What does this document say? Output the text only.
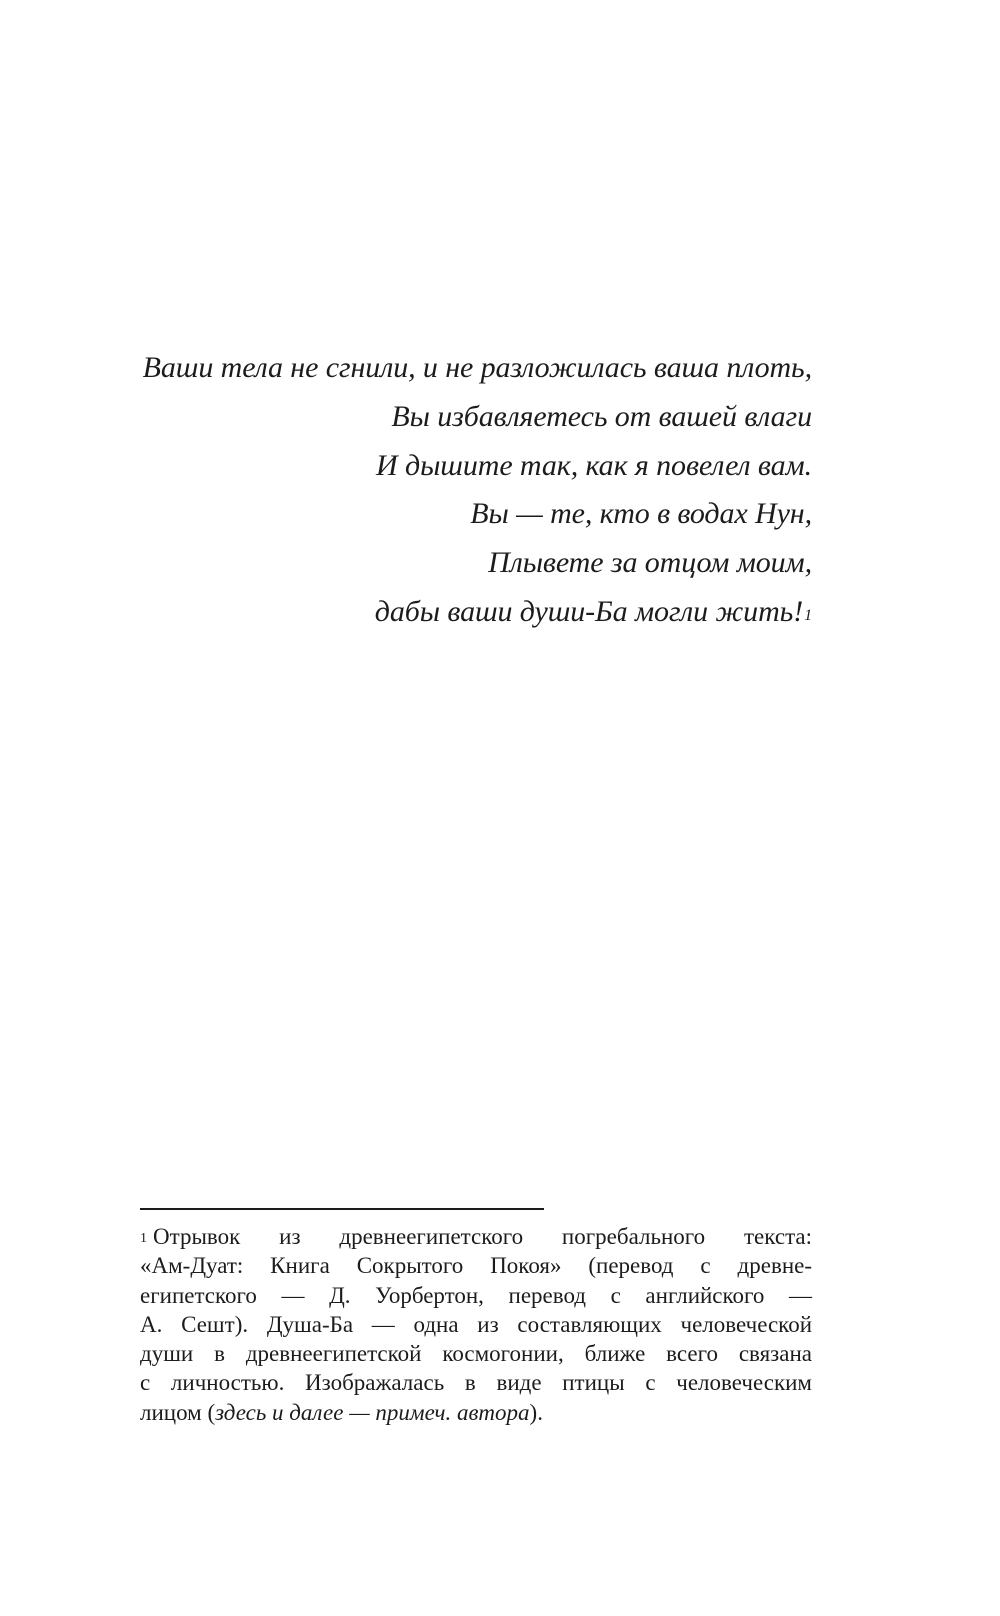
Ваши тела не сгнили, и не разложилась ваша плоть,
Вы избавляетесь от вашей влаги
И дышите так, как я повелел вам.
Вы — те, кто в водах Нун,
Плывете за отцом моим,
дабы ваши души-Ба могли жить!$^1$
$^1$ Отрывок из древнеегипетского погребального текста:
«Ам-Дуат: Книга Сокрытого Покоя» (перевод с древне-
египетского — Д. Уорбертон, перевод с английского —
А. Сешт). Душа-Ба — одна из составляющих человеческой
души в древнеегипетской космогонии, ближе всего связана
с личностью. Изображалась в виде птицы с человеческим
лицом (здесь и далее — примеч. автора).
